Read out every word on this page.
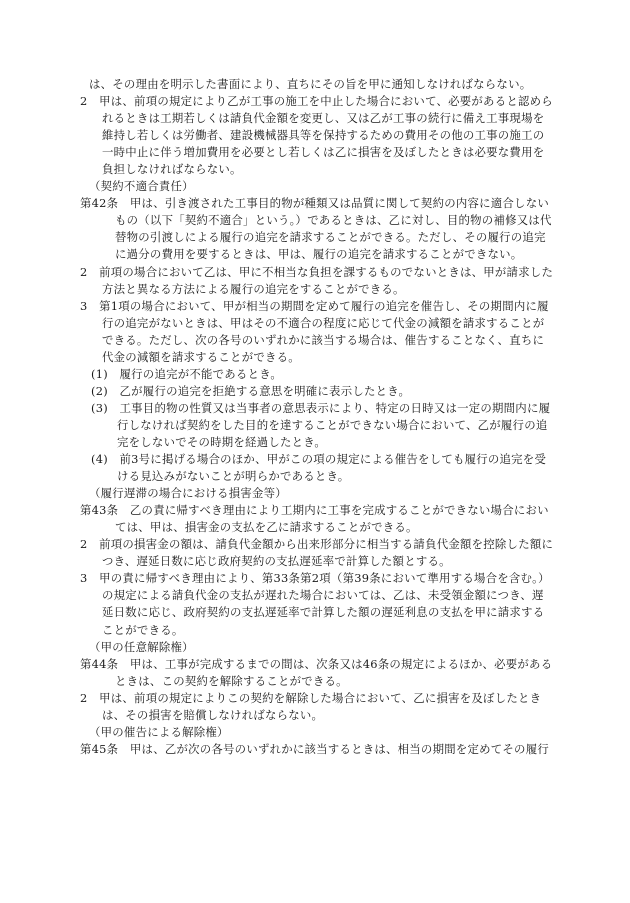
は、その理由を明示した書面により、直ちにその旨を甲に通知しなければならない。

2　甲は、前項の規定により乙が工事の施工を中止した場合において、必要があると認められるときは工期若しくは請負代金額を変更し、又は乙が工事の続行に備え工事現場を維持し若しくは労働者、建設機械器具等を保持するための費用その他の工事の施工の一時中止に伴う増加費用を必要とし若しくは乙に損害を及ぼしたときは必要な費用を負担しなければならない。

（契約不適合責任）

第42条　甲は、引き渡された工事目的物が種類又は品質に関して契約の内容に適合しないもの（以下「契約不適合」という。）であるときは、乙に対し、目的物の補修又は代替物の引渡しによる履行の追完を請求することができる。ただし、その履行の追完に過分の費用を要するときは、甲は、履行の追完を請求することができない。

2　前項の場合において乙は、甲に不相当な負担を課するものでないときは、甲が請求した方法と異なる方法による履行の追完をすることができる。

3　第1項の場合において、甲が相当の期間を定めて履行の追完を催告し、その期間内に履行の追完がないときは、甲はその不適合の程度に応じて代金の減額を請求することができる。ただし、次の各号のいずれかに該当する場合は、催告することなく、直ちに代金の減額を請求することができる。

(1)　履行の追完が不能であるとき。

(2)　乙が履行の追完を拒絶する意思を明確に表示したとき。

(3)　工事目的物の性質又は当事者の意思表示により、特定の日時又は一定の期間内に履行しなければ契約をした目的を達することができない場合において、乙が履行の追完をしないでその時期を経過したとき。

(4)　前3号に掲げる場合のほか、甲がこの項の規定による催告をしても履行の追完を受ける見込みがないことが明らかであるとき。

（履行遅滞の場合における損害金等）

第43条　乙の責に帰すべき理由により工期内に工事を完成することができない場合においては、甲は、損害金の支払を乙に請求することができる。

2　前項の損害金の額は、請負代金額から出来形部分に相当する請負代金額を控除した額につき、遅延日数に応じ政府契約の支払遅延率で計算した額とする。

3　甲の責に帰すべき理由により、第33条第2項（第39条において準用する場合を含む。）の規定による請負代金の支払が遅れた場合においては、乙は、未受領金額につき、遅延日数に応じ、政府契約の支払遅延率で計算した額の遅延利息の支払を甲に請求することができる。

（甲の任意解除権）

第44条　甲は、工事が完成するまでの間は、次条又は46条の規定によるほか、必要があるときは、この契約を解除することができる。

2　甲は、前項の規定によりこの契約を解除した場合において、乙に損害を及ぼしたときは、その損害を賠償しなければならない。

（甲の催告による解除権）

第45条　甲は、乙が次の各号のいずれかに該当するときは、相当の期間を定めてその履行
